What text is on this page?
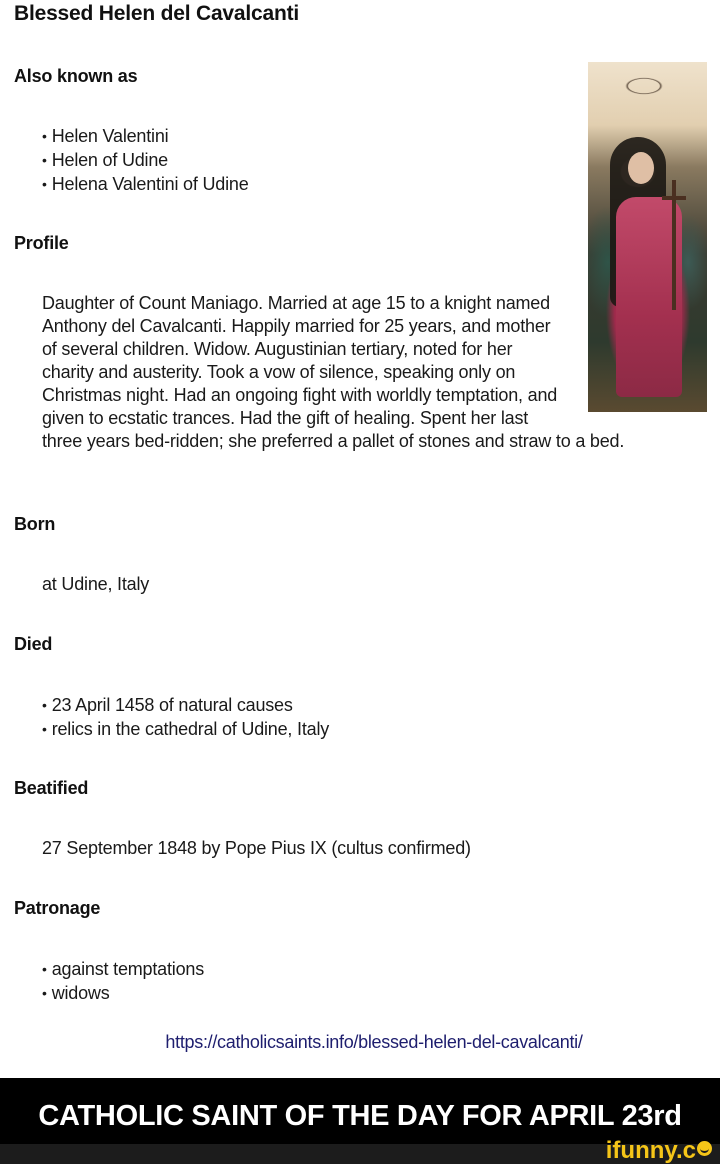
Blessed Helen del Cavalcanti
Also known as
• Helen Valentini
• Helen of Udine
• Helena Valentini of Udine
Profile

Daughter of Count Maniago. Married at age 15 to a knight named Anthony del Cavalcanti. Happily married for 25 years, and mother of several children. Widow. Augustinian tertiary, noted for her charity and austerity. Took a vow of silence, speaking only on Christmas night. Had an ongoing fight with worldly temptation, and given to ecstatic trances. Had the gift of healing. Spent her last three years bed-ridden; she preferred a pallet of stones and straw to a bed.

Born

at Udine, Italy

Died
• 23 April 1458 of natural causes
• relics in the cathedral of Udine, Italy
Beatified

27 September 1848 by Pope Pius IX (cultus confirmed)

Patronage
• against temptations
• widows
https://catholicsaints.info/blessed-helen-del-cavalcanti/
CATHOLIC SAINT OF THE DAY FOR APRIL 23rd
ifunny.c
